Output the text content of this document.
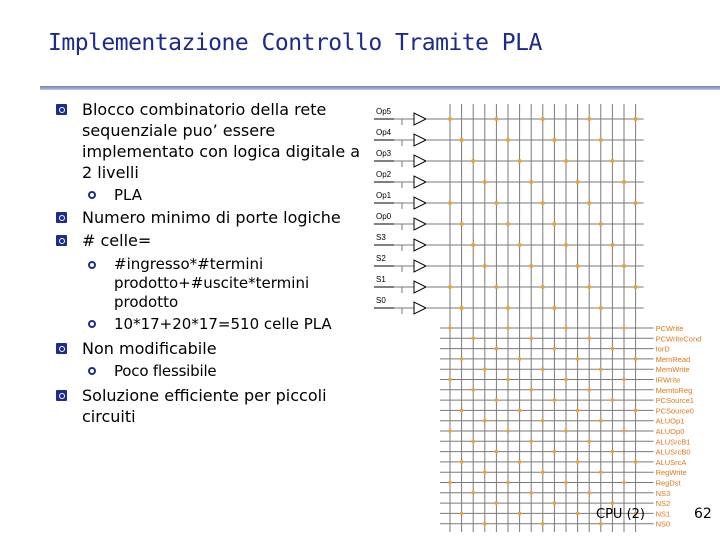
Implementazione Controllo Tramite PLA
Blocco combinatorio della rete sequenziale puo’ essere implementato con logica digitale a 2 livelli
PLA
Numero minimo di porte logiche
# celle=
#ingresso*#termini prodotto+#uscite*termini prodotto
10*17+20*17=510 celle PLA
Non modificabile
Poco flessibile
Soluzione efficiente per piccoli circuiti
Op5
Op4
Op3
Op2
Op1
Op0
S3
S2
S1
S0
PCWrite
PCWriteCond
IorD
MemRead
MemWrite
IRWrite
MemtoReg
PCSource1
PCSource0
ALUOp1
ALUOp0
ALUSrcB1
ALUSrcB0
ALUSrcA
RegWrite
RegDst
NS3
NS2
NS1
NS0
CPU (2)	62
